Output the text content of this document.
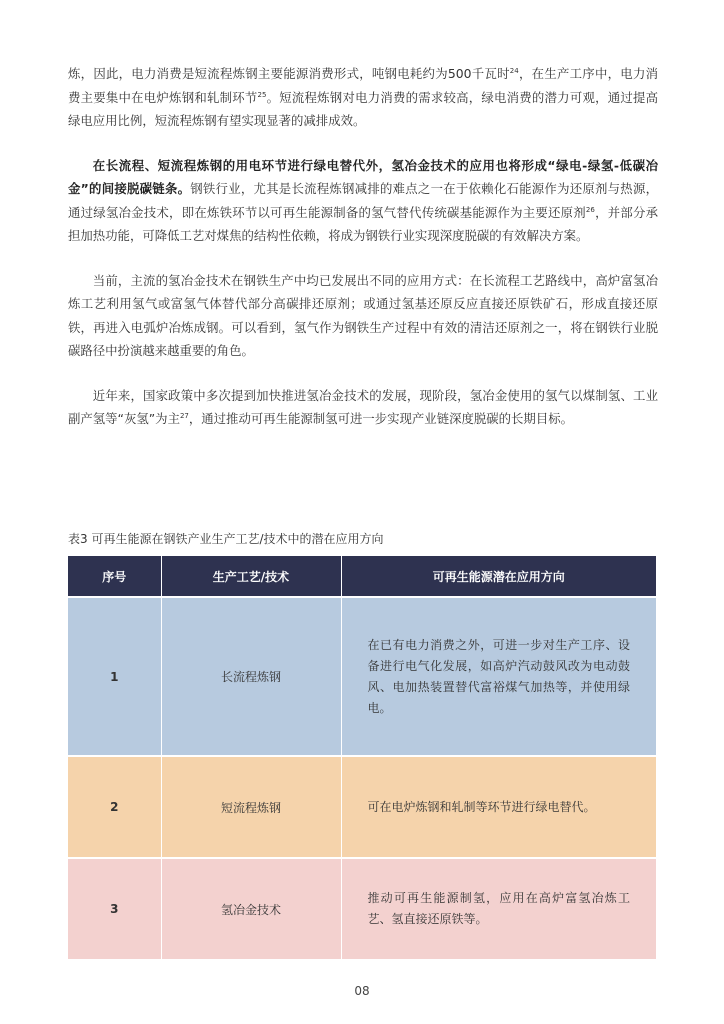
炼，因此，电力消费是短流程炼钢主要能源消费形式，吨钢电耗约为500千瓦时$^{24}$，在生产工序中，电力消费主要集中在电炉炼钢和轧制环节$^{25}$。短流程炼钢对电力消费的需求较高，绿电消费的潜力可观，通过提高绿电应用比例，短流程炼钢有望实现显著的减排成效。

在长流程、短流程炼钢的用电环节进行绿电替代外，氢冶金技术的应用也将形成“绿电-绿氢-低碳冶金”的间接脱碳链条。钢铁行业，尤其是长流程炼钢减排的难点之一在于依赖化石能源作为还原剂与热源，通过绿氢冶金技术，即在炼铁环节以可再生能源制备的氢气替代传统碳基能源作为主要还原剂$^{26}$，并部分承担加热功能，可降低工艺对煤焦的结构性依赖，将成为钢铁行业实现深度脱碳的有效解决方案。

当前，主流的氢冶金技术在钢铁生产中均已发展出不同的应用方式：在长流程工艺路线中，高炉富氢冶炼工艺利用氢气或富氢气体替代部分高碳排还原剂；或通过氢基还原反应直接还原铁矿石，形成直接还原铁，再进入电弧炉冶炼成钢。可以看到，氢气作为钢铁生产过程中有效的清洁还原剂之一，将在钢铁行业脱碳路径中扮演越来越重要的角色。

近年来，国家政策中多次提到加快推进氢冶金技术的发展，现阶段，氢冶金使用的氢气以煤制氢、工业副产氢等“灰氢”为主$^{27}$，通过推动可再生能源制氢可进一步实现产业链深度脱碳的长期目标。

表3 可再生能源在钢铁产业生产工艺/技术中的潜在应用方向
序号	生产工艺/技术	可再生能源潜在应用方向
1	长流程炼钢	在已有电力消费之外，可进一步对生产工序、设备进行电气化发展，如高炉汽动鼓风改为电动鼓风、电加热装置替代富裕煤气加热等，并使用绿电。
2	短流程炼钢	可在电炉炼钢和轧制等环节进行绿电替代。
3	氢冶金技术	推动可再生能源制氢，应用在高炉富氢冶炼工艺、氢直接还原铁等。
08
